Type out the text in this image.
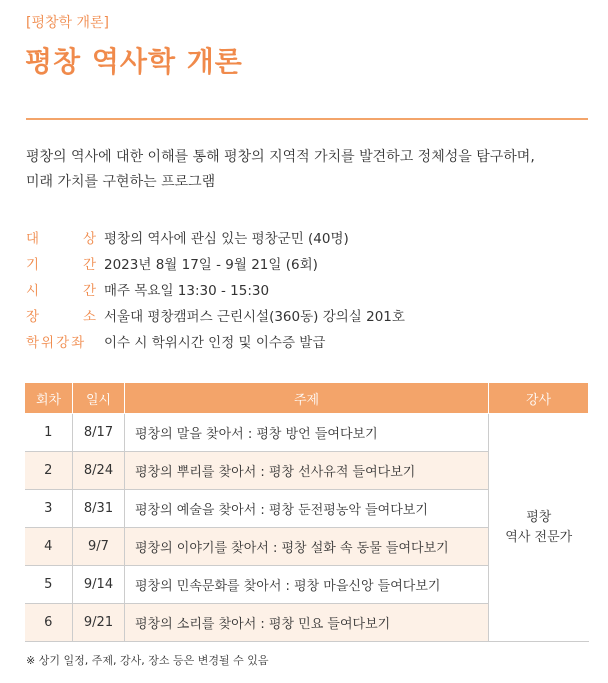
[평창학 개론]
평창 역사학 개론
평창의 역사에 대한 이해를 통해 평창의 지역적 가치를 발견하고 정체성을 탐구하며,
미래 가치를 구현하는 프로그램
대	상 평창의 역사에 관심 있는 평창군민 (40명)
기	간 2023년 8월 17일 - 9월 21일 (6회)
시	간 매주 목요일 13:30 - 15:30
장	소 서울대 평창캠퍼스 근린시설(360동) 강의실 201호
학위강좌	이수 시 학위시간 인정 및 이수증 발급
회차	일시	주제	강사
1	8/17	평창의 말을 찾아서 : 평창 방언 들여다보기	평창
역사 전문가

2	8/24	평창의 뿌리를 찾아서 : 평창 선사유적 들여다보기	
3	8/31	평창의 예술을 찾아서 : 평창 둔전평농악 들여다보기	
4	9/7	평창의 이야기를 찾아서 : 평창 설화 속 동물 들여다보기	
5	9/14	평창의 민속문화를 찾아서 : 평창 마을신앙 들여다보기	
6	9/21	평창의 소리를 찾아서 : 평창 민요 들여다보기	
※ 상기 일정, 주제, 강사, 장소 등은 변경될 수 있음
